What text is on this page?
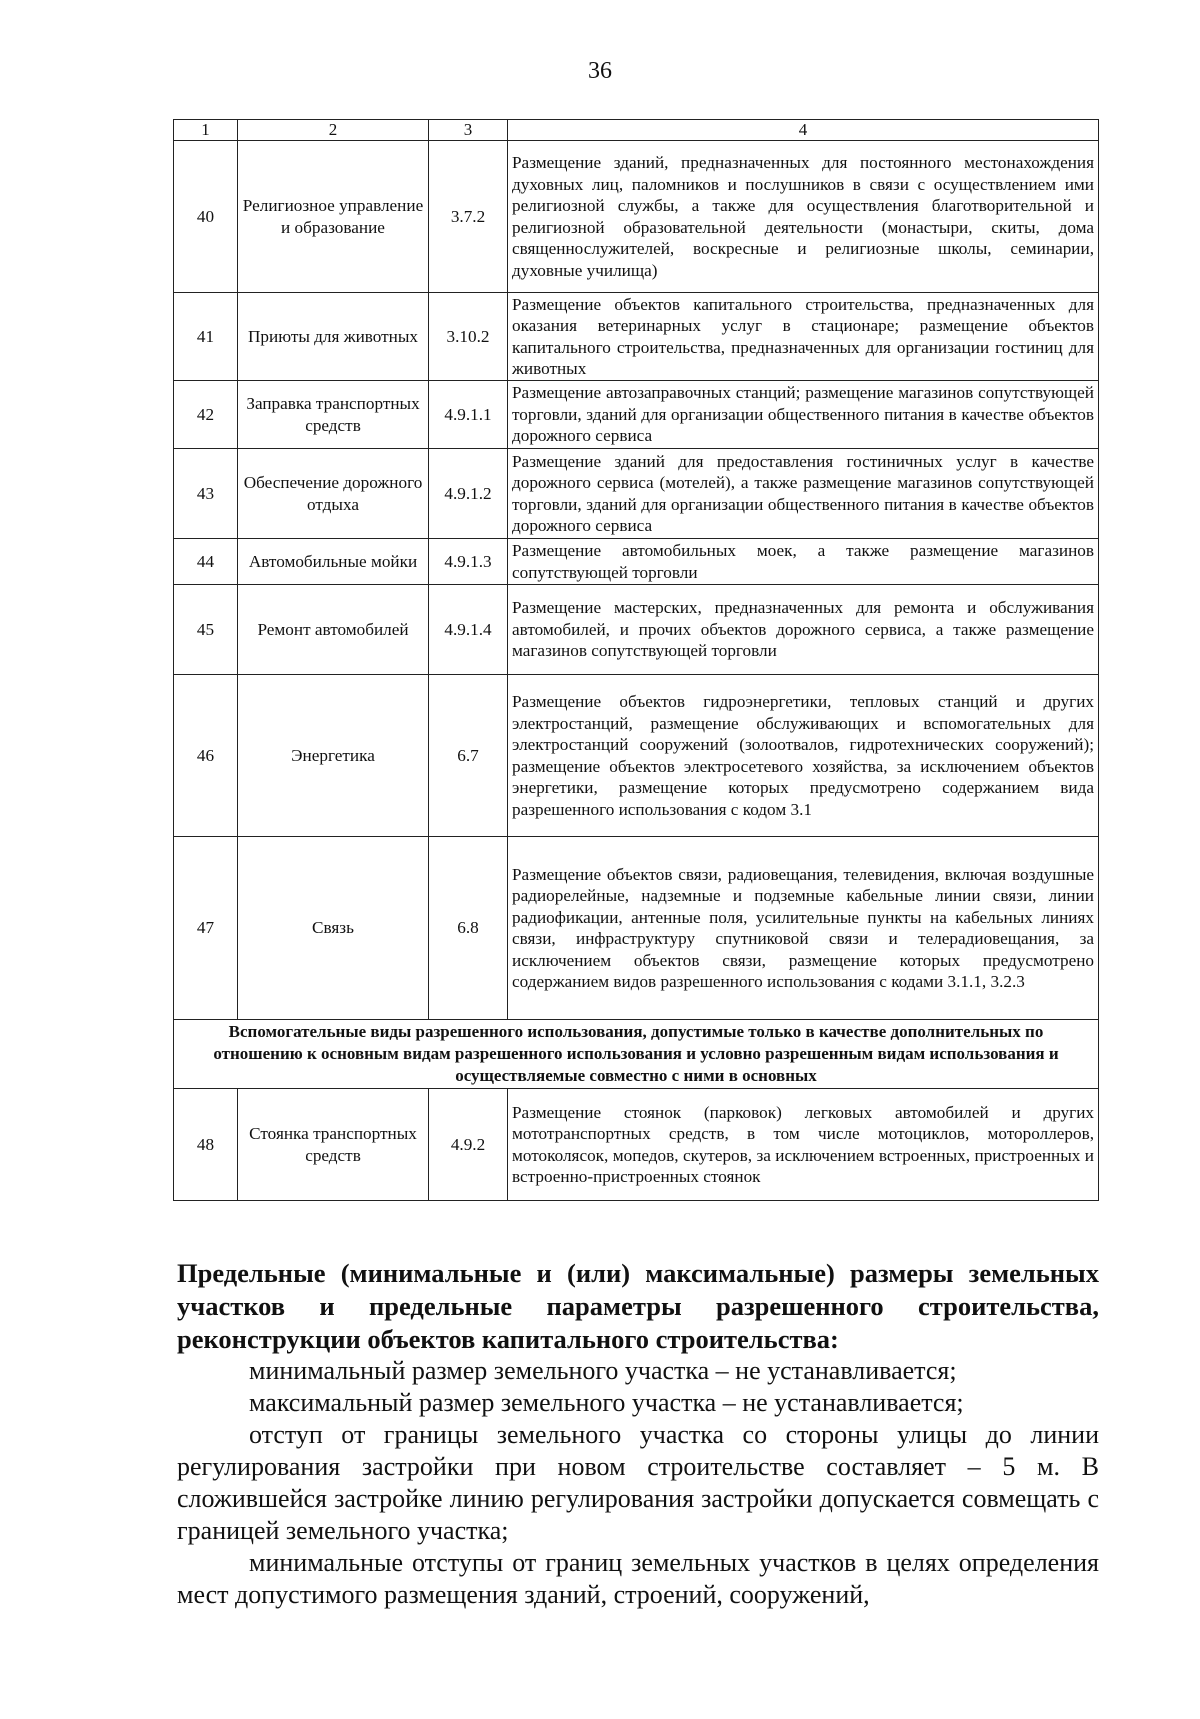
36
1	2	3	4
40	Религиозное управление и образование	3.7.2	Размещение зданий, предназначенных для постоянного местонахождения духовных лиц, паломников и послушников в связи с осуществлением ими религиозной службы, а также для осуществления благотворительной и религиозной образовательной деятельности (монастыри, скиты, дома священнослужителей, воскресные и религиозные школы, семинарии, духовные училища)
41	Приюты для животных	3.10.2	Размещение объектов капитального строительства, предназначенных для оказания ветеринарных услуг в стационаре; размещение объектов капитального строительства, предназначенных для организации гостиниц для животных
42	Заправка транспортных средств	4.9.1.1	Размещение автозаправочных станций; размещение магазинов сопутствующей торговли, зданий для организации общественного питания в качестве объектов дорожного сервиса
43	Обеспечение дорожного отдыха	4.9.1.2	Размещение зданий для предоставления гостиничных услуг в качестве дорожного сервиса (мотелей), а также размещение магазинов сопутствующей торговли, зданий для организации общественного питания в качестве объектов дорожного сервиса
44	Автомобильные мойки	4.9.1.3	Размещение автомобильных моек, а также размещение магазинов сопутствующей торговли
45	Ремонт автомобилей	4.9.1.4	Размещение мастерских, предназначенных для ремонта и обслуживания автомобилей, и прочих объектов дорожного сервиса, а также размещение магазинов сопутствующей торговли
46	Энергетика	6.7	Размещение объектов гидроэнергетики, тепловых станций и других электростанций, размещение обслуживающих и вспомогательных для электростанций сооружений (золоотвалов, гидротехнических сооружений); размещение объектов электросетевого хозяйства, за исключением объектов энергетики, размещение которых предусмотрено содержанием вида разрешенного использования с кодом 3.1
47	Связь	6.8	Размещение объектов связи, радиовещания, телевидения, включая воздушные радиорелейные, надземные и подземные кабельные линии связи, линии радиофикации, антенные поля, усилительные пункты на кабельных линиях связи, инфраструктуру спутниковой связи и телерадиовещания, за исключением объектов связи, размещение которых предусмотрено содержанием видов разрешенного использования с кодами 3.1.1, 3.2.3
Вспомогательные виды разрешенного использования, допустимые только в качестве дополнительных по отношению к основным видам разрешенного использования и условно разрешенным видам использования и осуществляемые совместно с ними в основных			
48	Стоянка транспортных средств	4.9.2	Размещение стоянок (парковок) легковых автомобилей и других мототранспортных средств, в том числе мотоциклов, мотороллеров, мотоколясок, мопедов, скутеров, за исключением встроенных, пристроенных и встроенно-пристроенных стоянок
Предельные (минимальные и (или) максимальные) размеры земельных участков и предельные параметры разрешенного строительства, реконструкции объектов капитального строительства:

минимальный размер земельного участка – не устанавливается;

максимальный размер земельного участка – не устанавливается;

отступ от границы земельного участка со стороны улицы до линии регулирования застройки при новом строительстве составляет – 5 м. В сложившейся застройке линию регулирования застройки допускается совмещать с границей земельного участка;

минимальные отступы от границ земельных участков в целях определения мест допустимого размещения зданий, строений, сооружений,
